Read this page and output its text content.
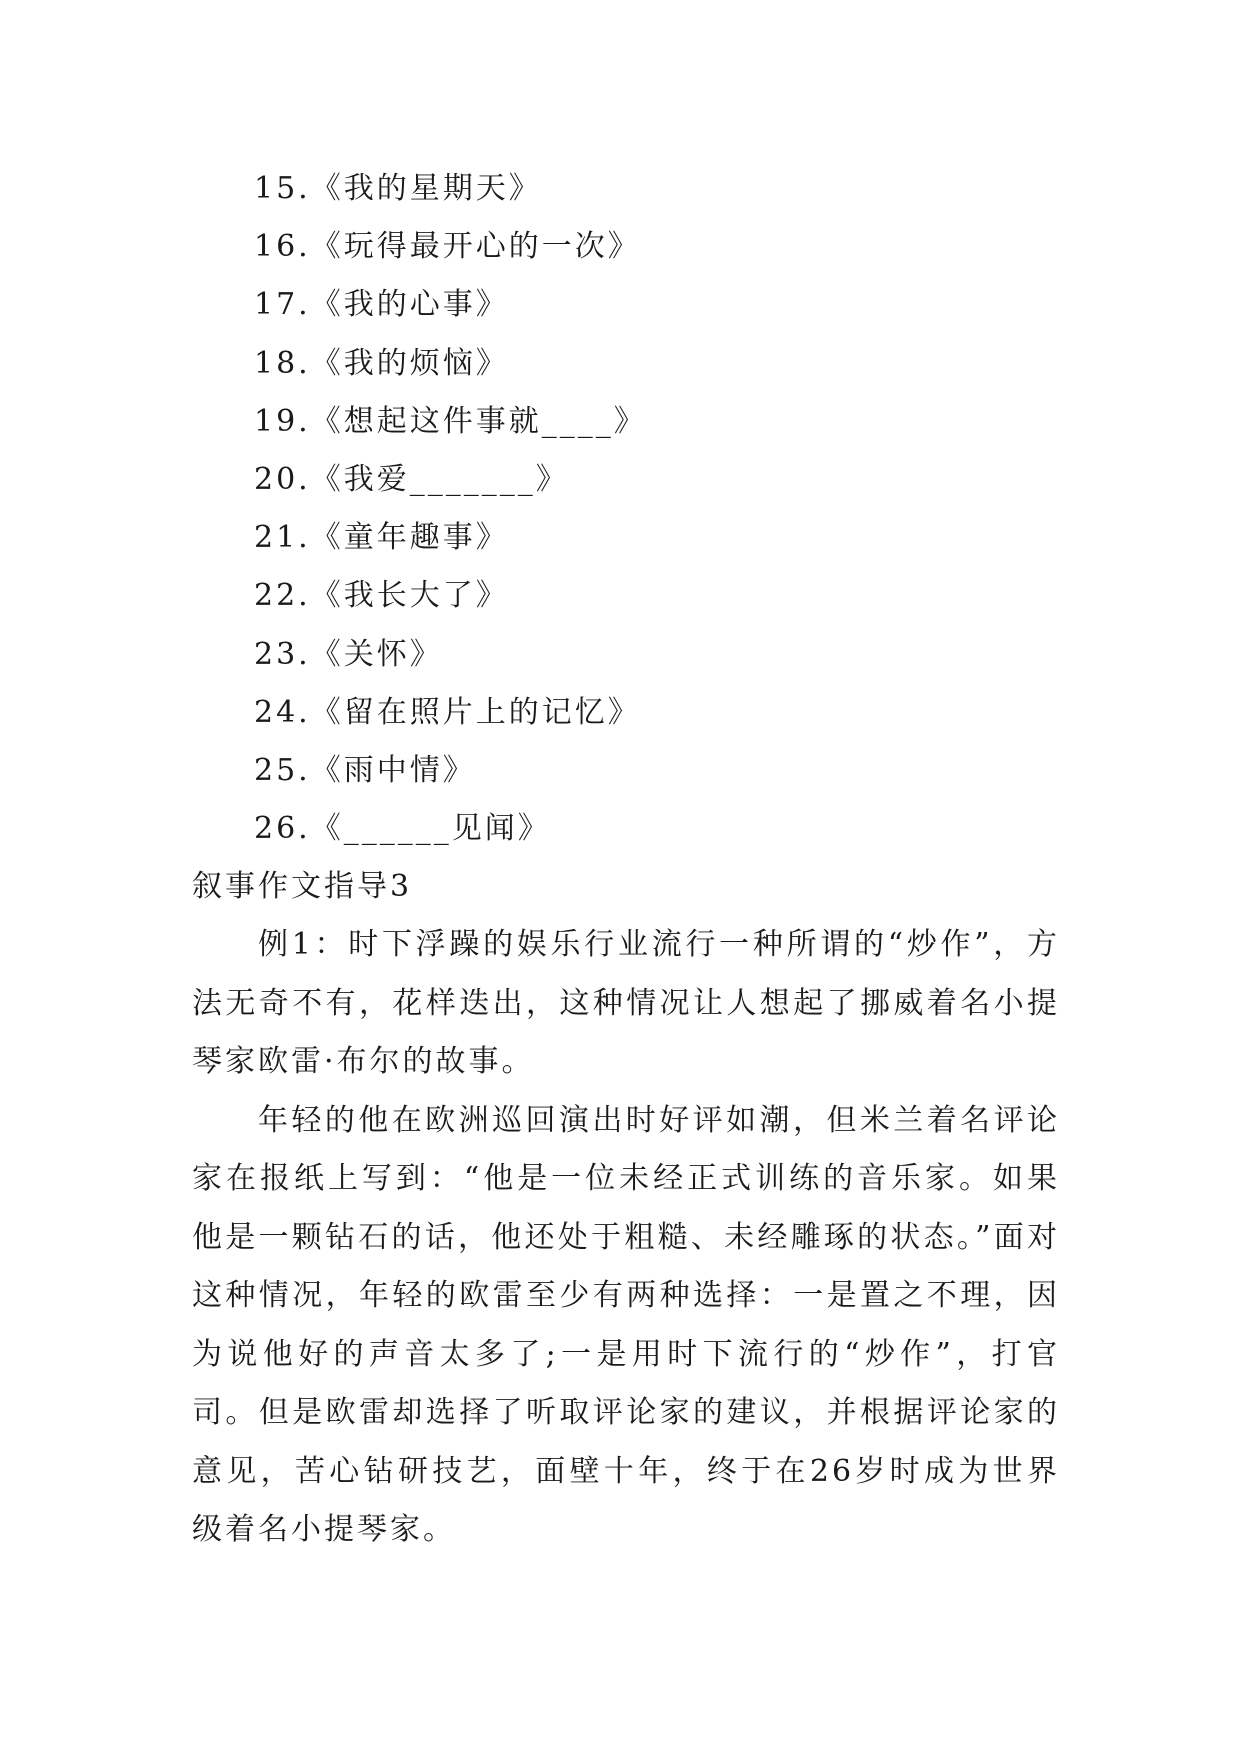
15.《我的星期天》
16.《玩得最开心的一次》
17.《我的心事》
18.《我的烦恼》
19.《想起这件事就____》
20.《我爱_______》
21.《童年趣事》
22.《我长大了》
23.《关怀》
24.《留在照片上的记忆》
25.《雨中情》
26.《______见闻》
叙事作文指导3

例1：时下浮躁的娱乐行业流行一种所谓的“炒作”，方法无奇不有，花样迭出，这种情况让人想起了挪威着名小提琴家欧雷·布尔的故事。

年轻的他在欧洲巡回演出时好评如潮，但米兰着名评论家在报纸上写到：“他是一位未经正式训练的音乐家。如果他是一颗钻石的话，他还处于粗糙、未经雕琢的状态。”面对这种情况，年轻的欧雷至少有两种选择：一是置之不理，因为说他好的声音太多了;一是用时下流行的“炒作”，打官司。但是欧雷却选择了听取评论家的建议，并根据评论家的意见，苦心钻研技艺，面壁十年，终于在26岁时成为世界级着名小提琴家。
